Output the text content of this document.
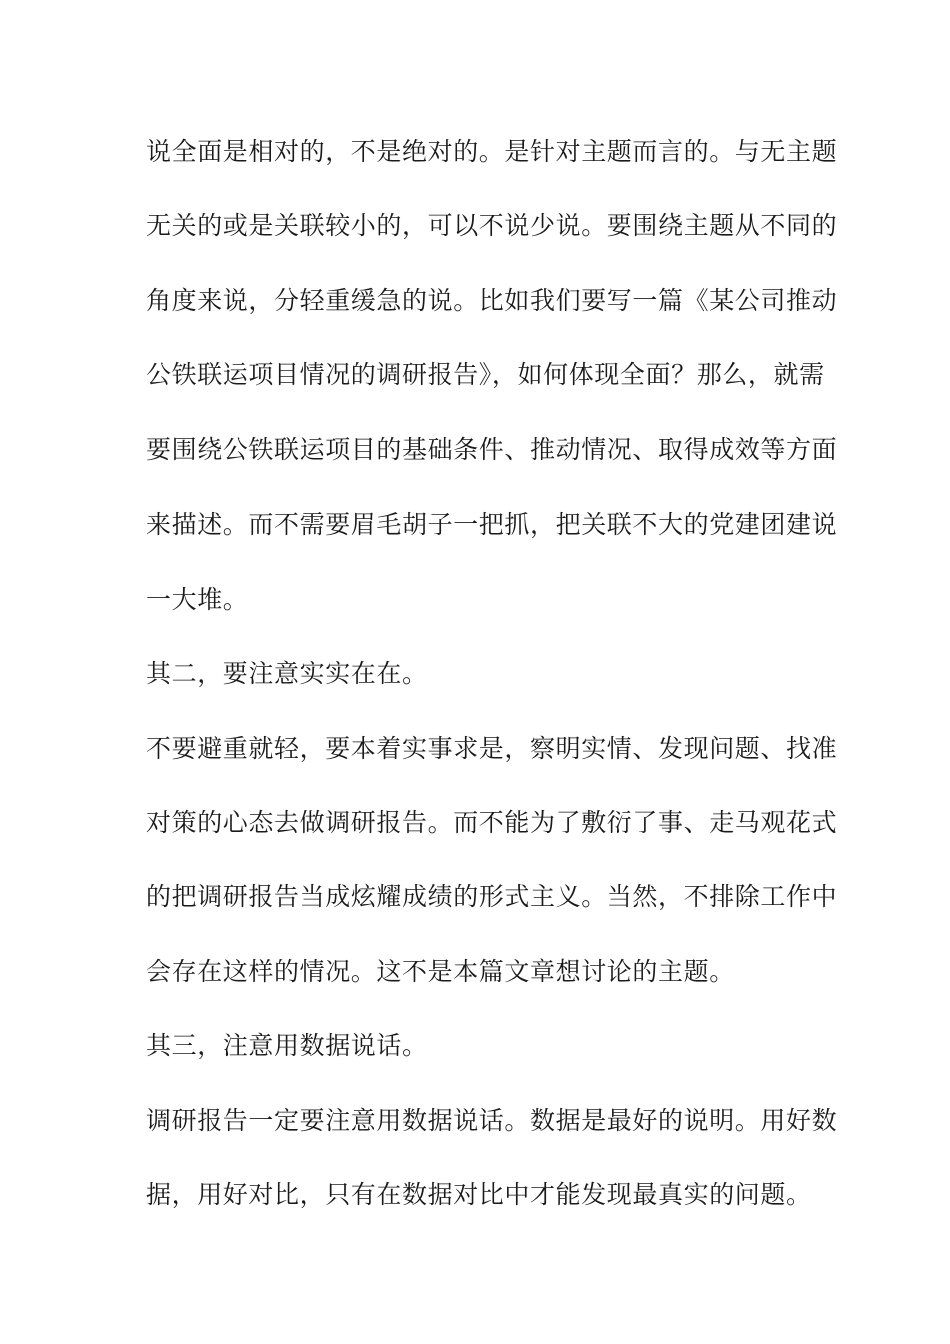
说全面是相对的，不是绝对的。是针对主题而言的。与无主题
无关的或是关联较小的，可以不说少说。要围绕主题从不同的
角度来说，分轻重缓急的说。比如我们要写一篇《某公司推动
公铁联运项目情况的调研报告》，如何体现全面？那么，就需
要围绕公铁联运项目的基础条件、推动情况、取得成效等方面
来描述。而不需要眉毛胡子一把抓，把关联不大的党建团建说
一大堆。
其二，要注意实实在在。
不要避重就轻，要本着实事求是，察明实情、发现问题、找准
对策的心态去做调研报告。而不能为了敷衍了事、走马观花式
的把调研报告当成炫耀成绩的形式主义。当然，不排除工作中
会存在这样的情况。这不是本篇文章想讨论的主题。
其三，注意用数据说话。
调研报告一定要注意用数据说话。数据是最好的说明。用好数
据，用好对比，只有在数据对比中才能发现最真实的问题。
